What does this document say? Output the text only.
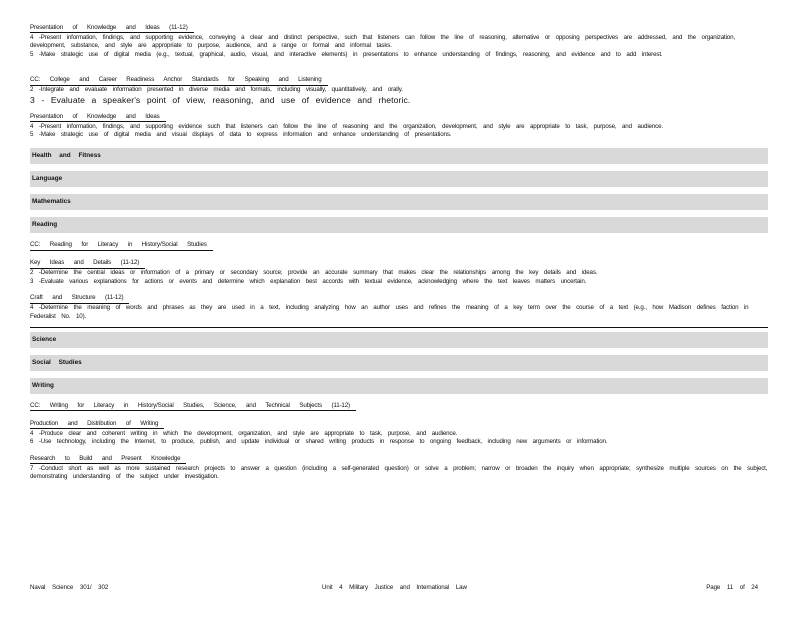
Presentation of Knowledge and Ideas (11-12)
4 -Present information, findings, and supporting evidence, conveying a clear and distinct perspective, such that listeners can follow the line of reasoning, alternative or opposing perspectives are addressed, and the organization, development, substance, and style are appropriate to purpose, audience, and a range or formal and informal tasks.
5 -Make strategic use of digital media (e.g., textual, graphical, audio, visual, and interactive elements) in presentations to enhance understanding of findings, reasoning, and evidence and to add interest.
CC: College and Career Readiness Anchor Standards for Speaking and Listening
2 -Integrate and evaluate information presented in diverse media and formats, including visually, quantitatively, and orally.
3 - Evaluate a speaker's point of view, reasoning, and use of evidence and rhetoric.
Presentation of Knowledge and Ideas
4 -Present information, findings, and supporting evidence such that listeners can follow the line of reasoning and the organization, development, and style are appropriate to task, purpose, and audience.
5 -Make strategic use of digital media and visual displays of data to express information and enhance understanding of presentations.
Health and Fitness
Language
Mathematics
Reading
CC: Reading for Literacy in History/Social Studies
Key Ideas and Details (11-12)
2 -Determine the central ideas or information of a primary or secondary source; provide an accurate summary that makes clear the relationships among the key details and ideas.
3 -Evaluate various explanations for actions or events and determine which explanation best accords with textual evidence, acknowledging where the text leaves matters uncertain.
Craft and Structure (11-12)
4 -Determine the meaning of words and phrases as they are used in a text, including analyzing how an author uses and refines the meaning of a key term over the course of a text (e.g., how Madison defines faction in Federalist No. 10).
Science
Social Studies
Writing
CC: Writing for Literacy in History/Social Studies, Science, and Technical Subjects (11-12)
Production and Distribution of Writing
4 -Produce clear and coherent writing in which the development, organization, and style are appropriate to task, purpose, and audience.
6 -Use technology, including the Internet, to produce, publish, and update individual or shared writing products in response to ongoing feedback, including new arguments or information.
Research to Build and Present Knowledge
7 -Conduct short as well as more sustained research projects to answer a question (including a self-generated question) or solve a problem; narrow or broaden the inquiry when appropriate; synthesize multiple sources on the subject, demonstrating understanding of the subject under investigation.
Naval Science 301/ 302	Unit 4 Military Justice and International Law	Page 11 of 24
